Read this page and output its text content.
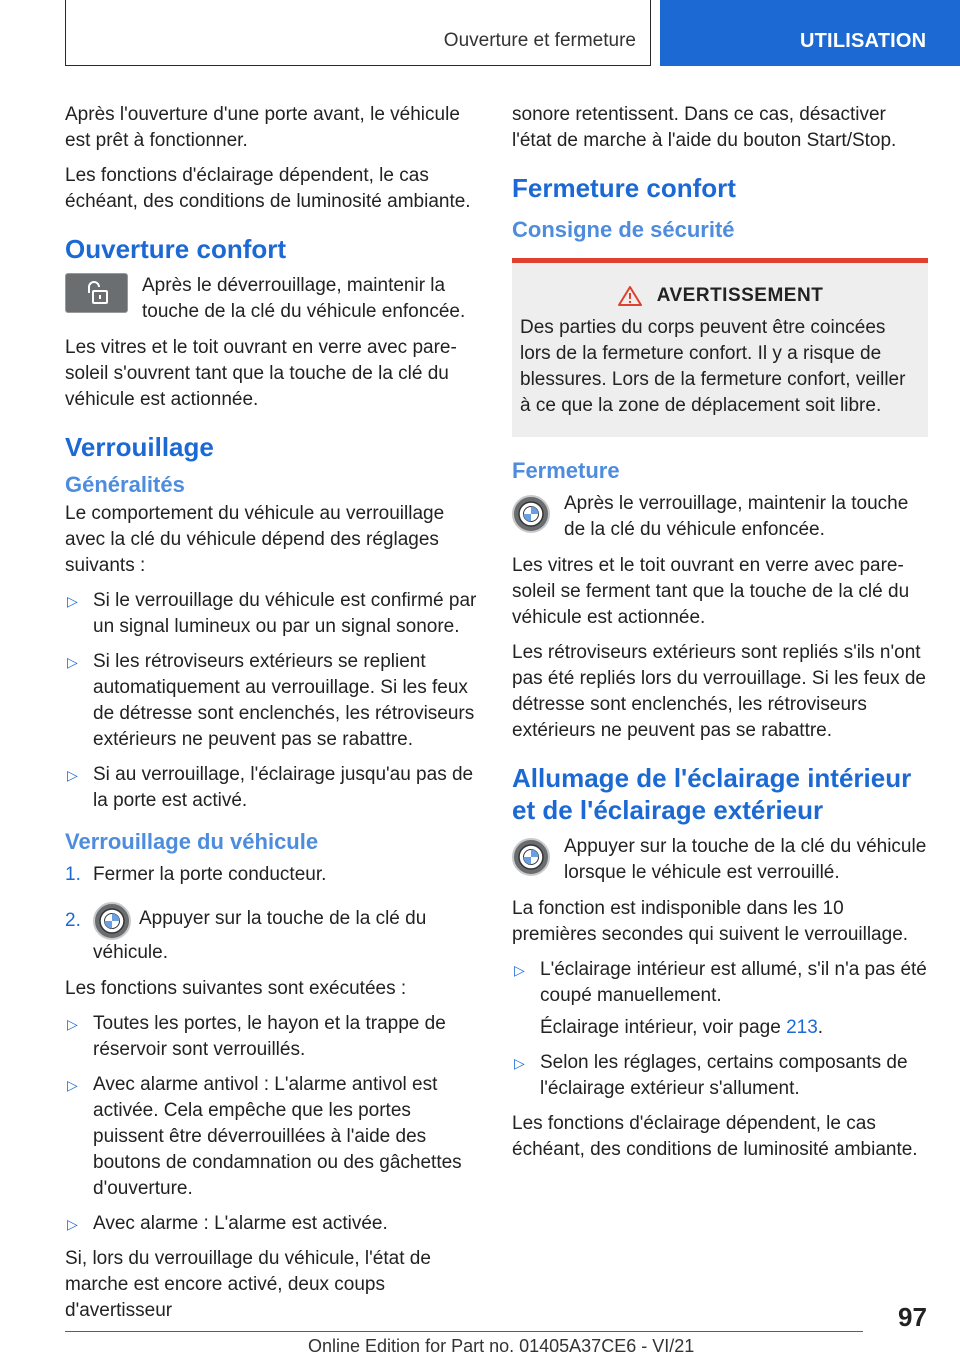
Ouverture et fermeture	UTILISATION

Après l'ouverture d'une porte avant, le véhicule est prêt à fonctionner.

Les fonctions d'éclairage dépendent, le cas échéant, des conditions de luminosité ambiante.

Ouverture confort
Après le déverrouillage, maintenir la touche de la clé du véhicule enfoncée.

Les vitres et le toit ouvrant en verre avec pare-soleil s'ouvrent tant que la touche de la clé du véhicule est actionnée.

Verrouillage
Généralités

Le comportement du véhicule au verrouillage avec la clé du véhicule dépend des réglages suivants :

▷ Si le verrouillage du véhicule est confirmé par un signal lumineux ou par un signal sonore.
▷ Si les rétroviseurs extérieurs se replient automatiquement au verrouillage. Si les feux de détresse sont enclenchés, les rétroviseurs extérieurs ne peuvent pas se rabattre.
▷ Si au verrouillage, l'éclairage jusqu'au pas de la porte est activé.
Verrouillage du véhicule
1. Fermer la porte conducteur.
2.	Appuyer sur la touche de la clé du véhicule.

Les fonctions suivantes sont exécutées :

▷ Toutes les portes, le hayon et la trappe de réservoir sont verrouillés.
▷ Avec alarme antivol : L'alarme antivol est activée. Cela empêche que les portes puissent être déverrouillées à l'aide des boutons de condamnation ou des gâchettes d'ouverture.
▷ Avec alarme : L'alarme est activée.

Si, lors du verrouillage du véhicule, l'état de marche est encore activé, deux coups d'avertisseur

sonore retentissent. Dans ce cas, désactiver l'état de marche à l'aide du bouton Start/Stop.

Fermeture confort
Consigne de sécurité
AVERTISSEMENT

Des parties du corps peuvent être coincées lors de la fermeture confort. Il y a risque de blessures. Lors de la fermeture confort, veiller à ce que la zone de déplacement soit libre.

Fermeture
Après le verrouillage, maintenir la touche de la clé du véhicule enfoncée.

Les vitres et le toit ouvrant en verre avec pare-soleil se ferment tant que la touche de la clé du véhicule est actionnée.

Les rétroviseurs extérieurs sont repliés s'ils n'ont pas été repliés lors du verrouillage. Si les feux de détresse sont enclenchés, les rétroviseurs extérieurs ne peuvent pas se rabattre.

Allumage de l'éclairage intérieur et de l'éclairage extérieur
Appuyer sur la touche de la clé du véhicule lorsque le véhicule est verrouillé.

La fonction est indisponible dans les 10 premières secondes qui suivent le verrouillage.

▷ L'éclairage intérieur est allumé, s'il n'a pas été coupé manuellement.
Éclairage intérieur, voir page 213.
▷ Selon les réglages, certains composants de l'éclairage extérieur s'allument.

Les fonctions d'éclairage dépendent, le cas échéant, des conditions de luminosité ambiante.

97
Online Edition for Part no. 01405A37CE6 - VI/21
